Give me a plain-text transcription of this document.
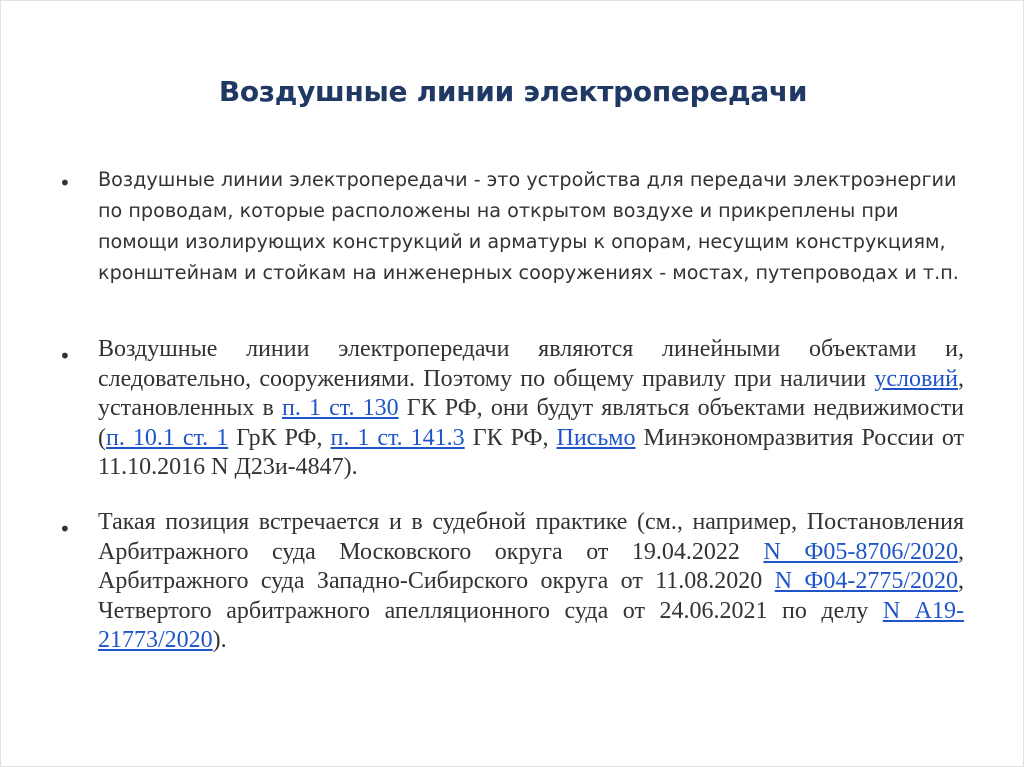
Воздушные линии электропередачи
• Воздушные линии электропередачи - это устройства для передачи электроэнергии по проводам, которые расположены на открытом воздухе и прикреплены при помощи изолирующих конструкций и арматуры к опорам, несущим конструкциям, кронштейнам и стойкам на инженерных сооружениях - мостах, путепроводах и т.п.

• Воздушные линии электропередачи являются линейными объектами и, следовательно, сооружениями. Поэтому по общему правилу при наличии условий, установленных в п. 1 ст. 130 ГК РФ, они будут являться объектами недвижимости (п. 10.1 ст. 1 ГрК РФ, п. 1 ст. 141.3 ГК РФ, Письмо Минэкономразвития России от 11.10.2016 N Д23и-4847).

• Такая позиция встречается и в судебной практике (см., например, Постановления Арбитражного суда Московского округа от 19.04.2022 N Ф05-8706/2020, Арбитражного суда Западно-Сибирского округа от 11.08.2020 N Ф04-2775/2020, Четвертого арбитражного апелляционного суда от 24.06.2021 по делу N А19-21773/2020).
